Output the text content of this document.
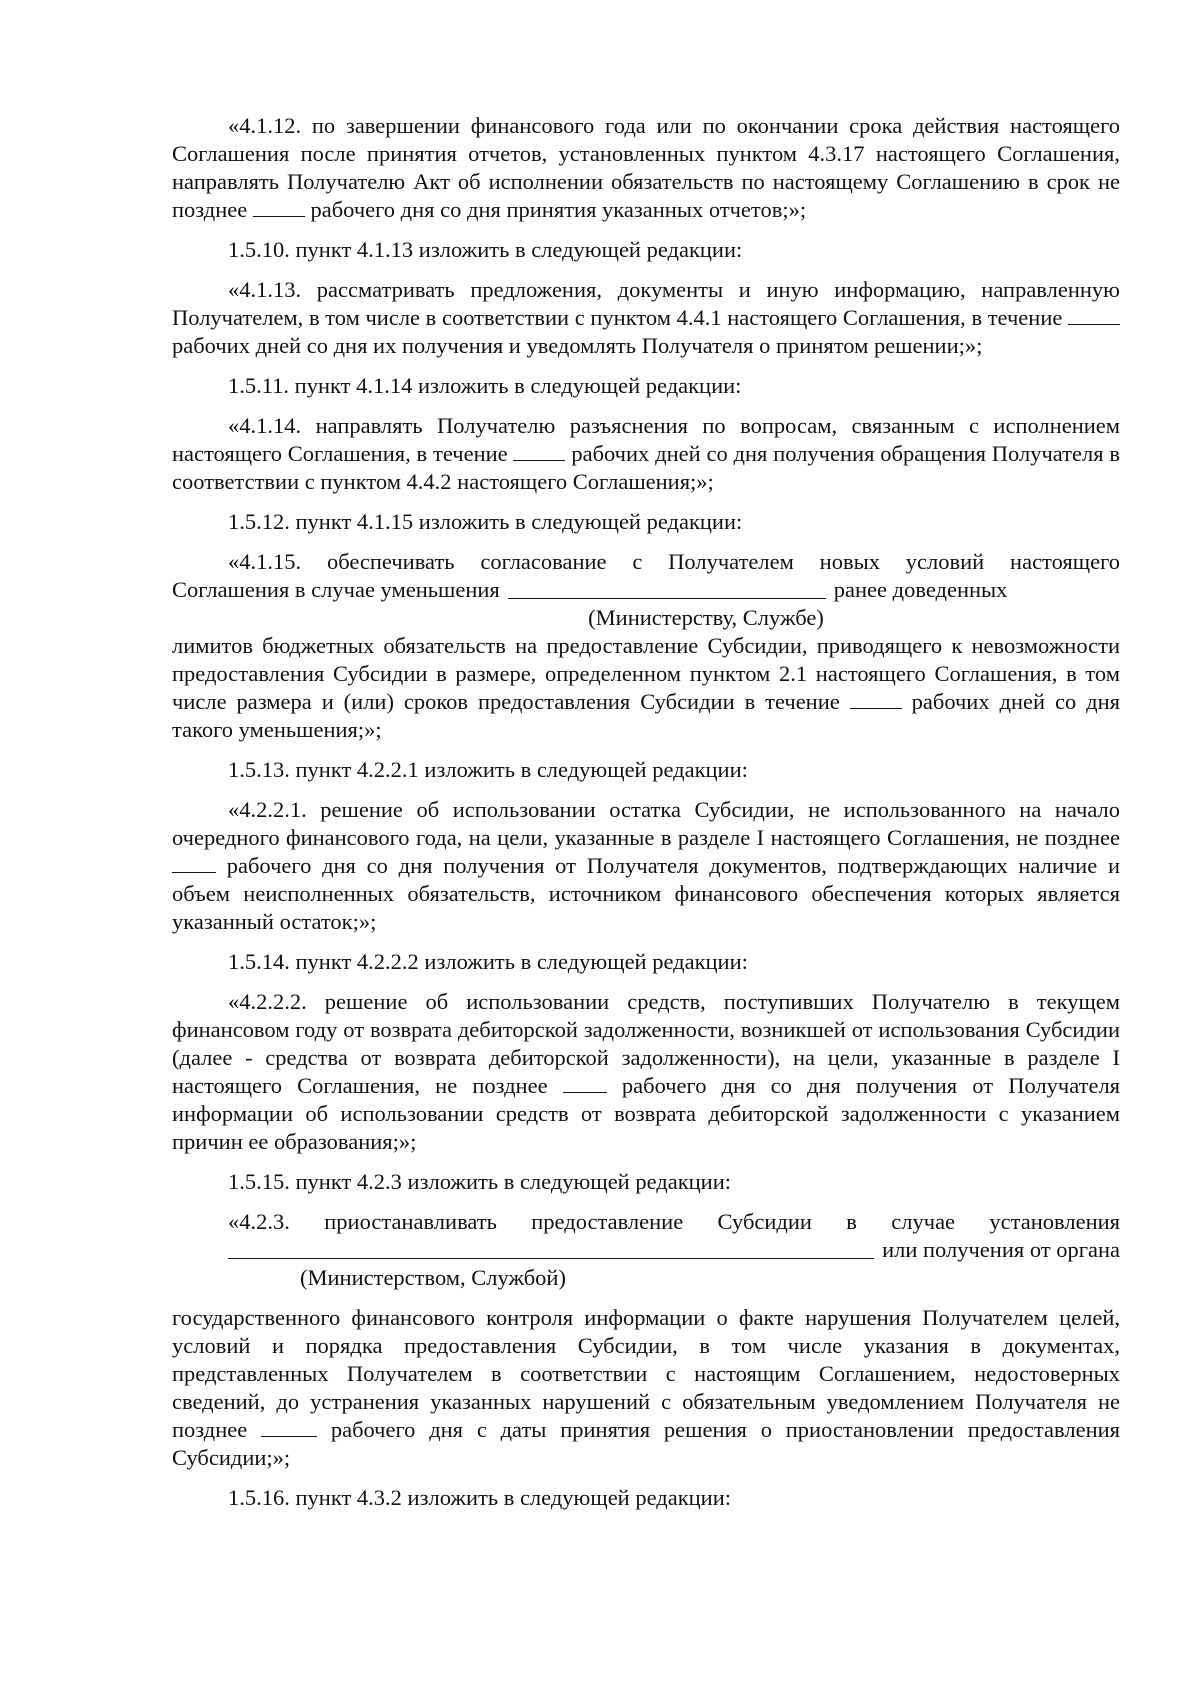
«4.1.12. по завершении финансового года или по окончании срока действия настоящего Соглашения после принятия отчетов, установленных пунктом 4.3.17 настоящего Соглашения, направлять Получателю Акт об исполнении обязательств по настоящему Соглашению в срок не позднее	рабочего дня со дня принятия указанных отчетов;»;

1.5.10. пункт 4.1.13 изложить в следующей редакции:

«4.1.13. рассматривать предложения, документы и иную информацию, направленную Получателем, в том числе в соответствии с пунктом 4.4.1 настоящего Соглашения, в течение  рабочих дней со дня их получения и уведомлять Получателя о принятом решении;»;

1.5.11. пункт 4.1.14 изложить в следующей редакции:

«4.1.14. направлять Получателю разъяснения по вопросам, связанным с исполнением настоящего Соглашения, в течение	рабочих дней со дня получения обращения Получателя в соответствии с пунктом 4.4.2 настоящего Соглашения;»;

1.5.12. пункт 4.1.15 изложить в следующей редакции:

«4.1.15. обеспечивать согласование с Получателем новых условий настоящего

Соглашения в случае уменьшения	ранее доведенных

(Министерству, Службе)

лимитов бюджетных обязательств на предоставление Субсидии, приводящего к невозможности предоставления Субсидии в размере, определенном пунктом 2.1 настоящего Соглашения, в том числе размера и (или) сроков предоставления Субсидии в течение	рабочих дней со дня такого уменьшения;»;

1.5.13. пункт 4.2.2.1 изложить в следующей редакции:

«4.2.2.1. решение об использовании остатка Субсидии, не использованного на начало очередного финансового года, на цели, указанные в разделе I настоящего Соглашения, не позднее  рабочего дня со дня получения от Получателя документов, подтверждающих наличие и объем неисполненных обязательств, источником финансового обеспечения которых является указанный остаток;»;

1.5.14. пункт 4.2.2.2 изложить в следующей редакции:

«4.2.2.2. решение об использовании средств, поступивших Получателю в текущем финансовом году от возврата дебиторской задолженности, возникшей от использования Субсидии (далее - средства от возврата дебиторской задолженности), на цели, указанные в разделе I настоящего Соглашения, не позднее	рабочего дня со дня получения от Получателя информации об использовании средств от возврата дебиторской задолженности с указанием причин ее образования;»;

1.5.15. пункт 4.2.3 изложить в следующей редакции:

«4.2.3. приостанавливать предоставление Субсидии в случае установления

или получения от органа

(Министерством, Службой)

государственного финансового контроля информации о факте нарушения Получателем целей, условий и порядка предоставления Субсидии, в том числе указания в документах, представленных Получателем в соответствии с настоящим Соглашением, недостоверных сведений, до устранения указанных нарушений с обязательным уведомлением Получателя не позднее	рабочего дня с даты принятия решения о приостановлении предоставления Субсидии;»;

1.5.16. пункт 4.3.2 изложить в следующей редакции:
